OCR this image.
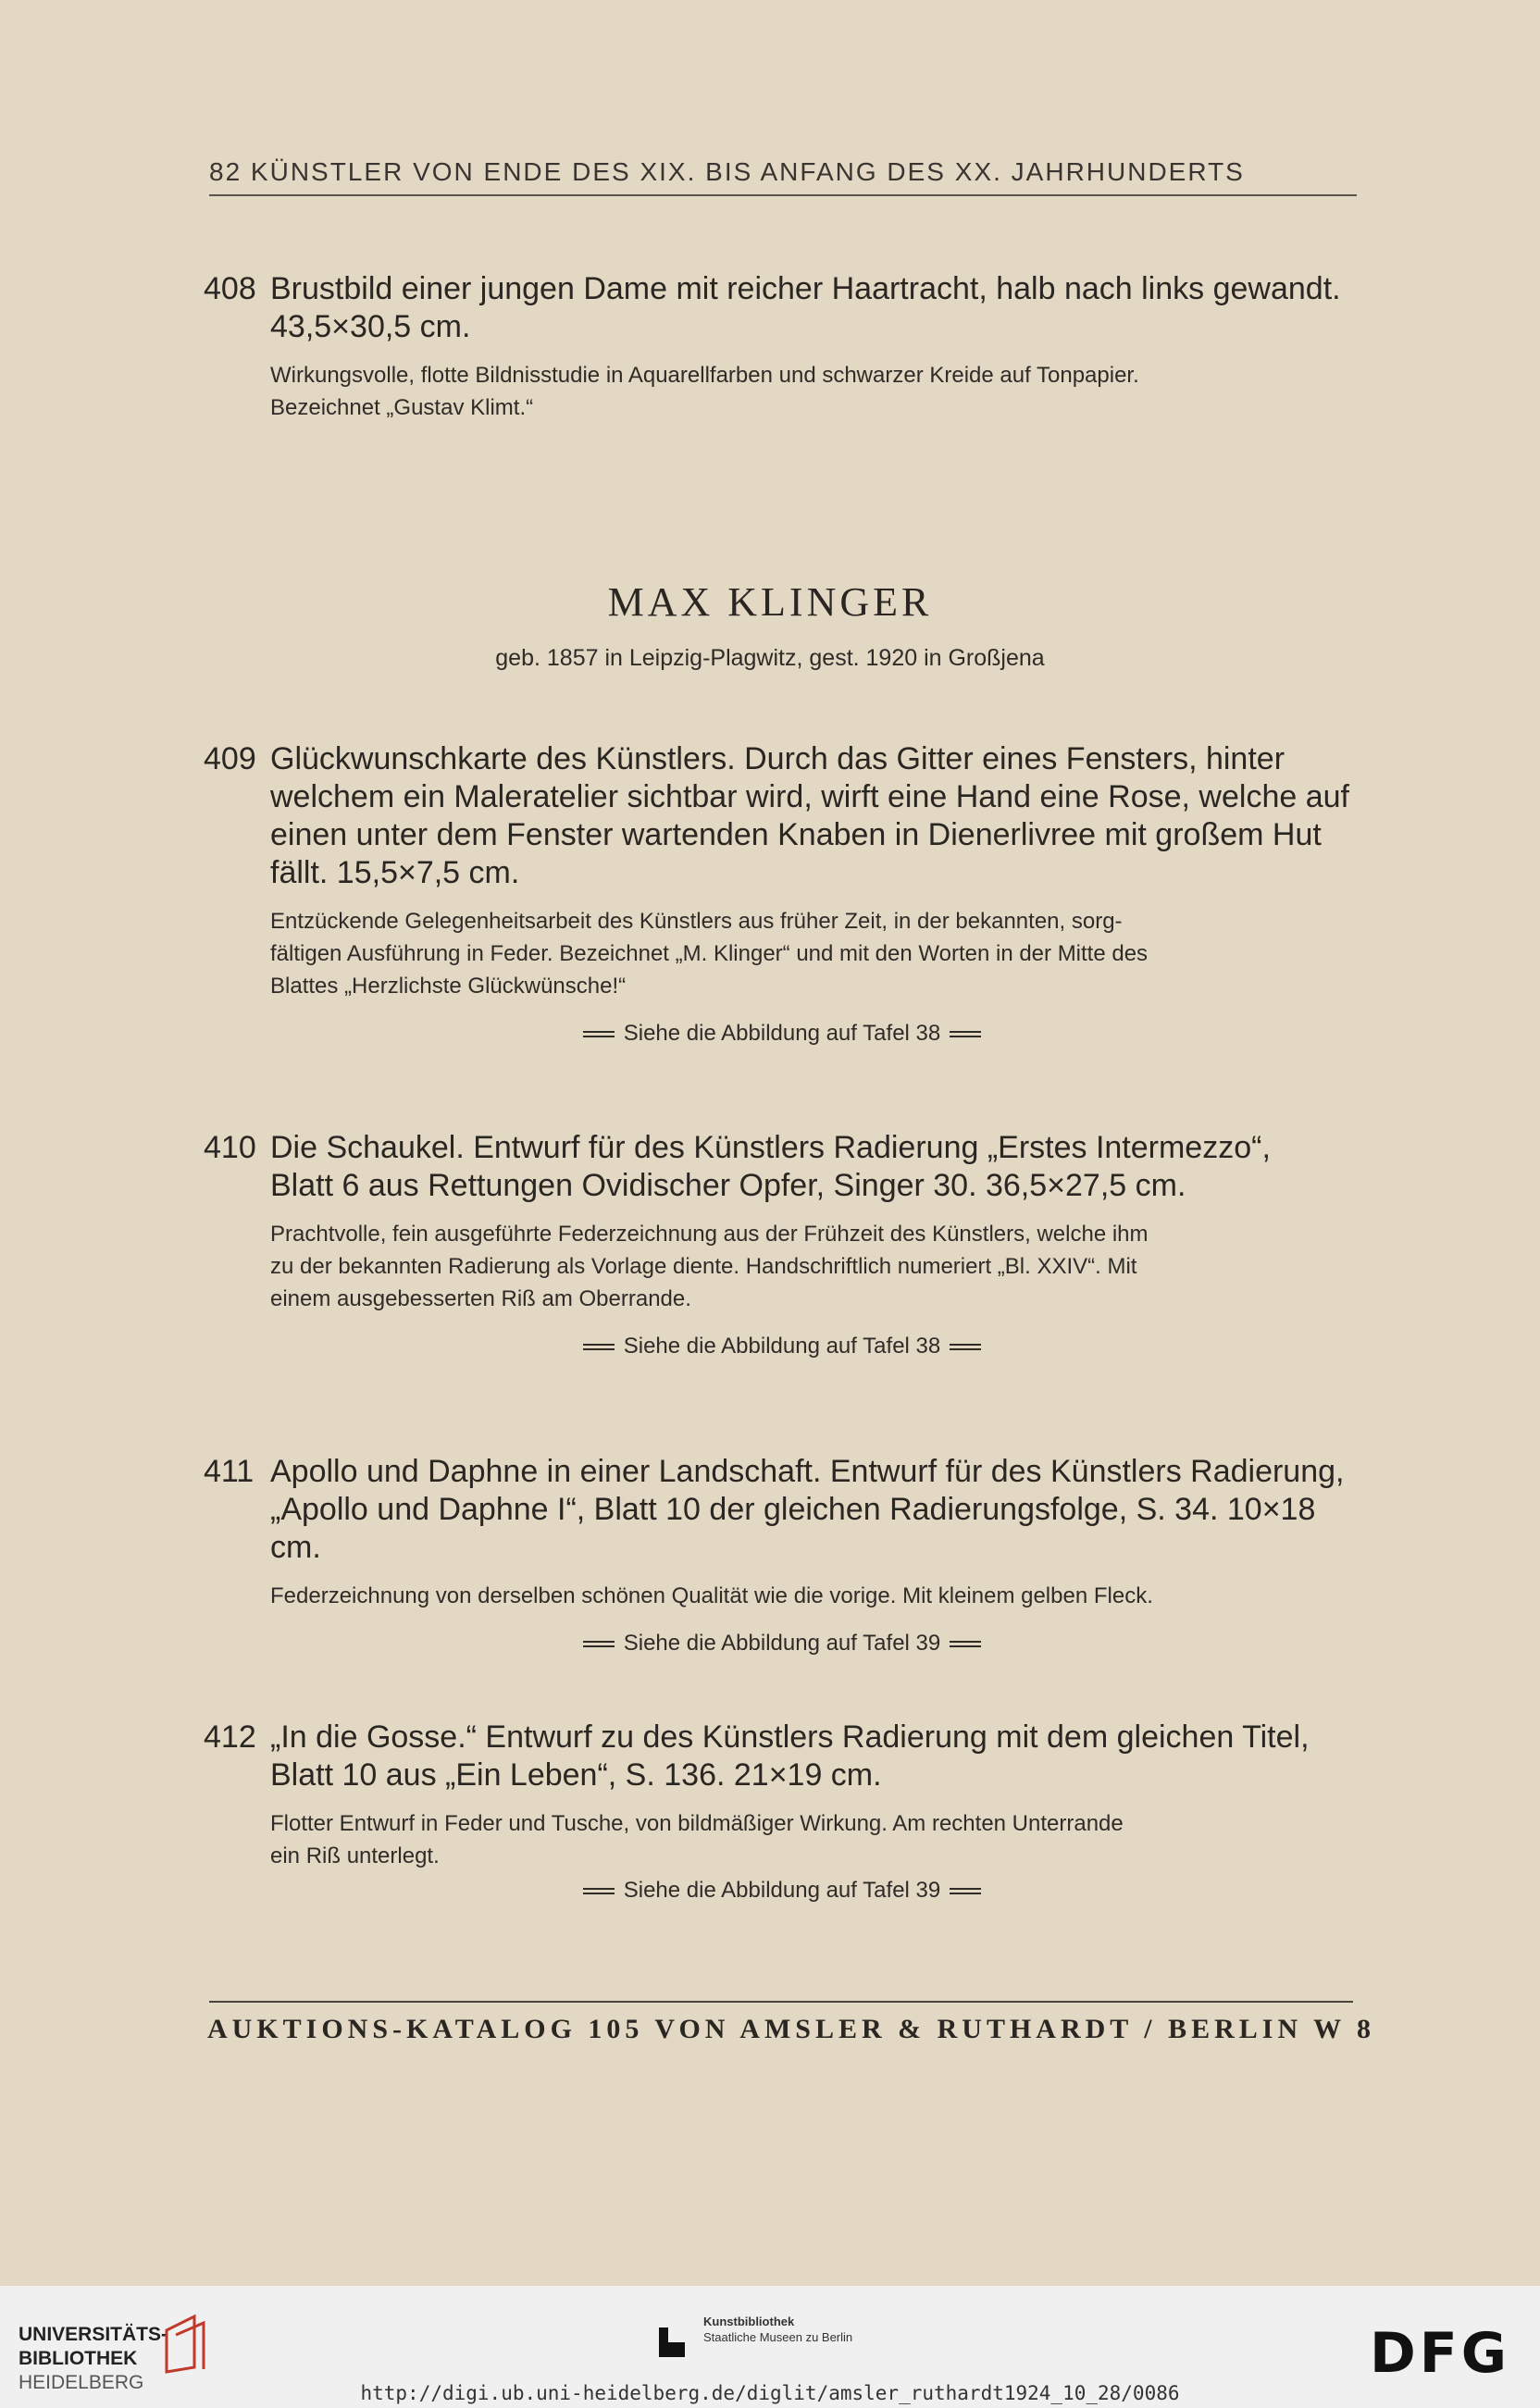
82 KÜNSTLER VON ENDE DES XIX. BIS ANFANG DES XX. JAHRHUNDERTS
408 Brustbild einer jungen Dame mit reicher Haartracht, halb nach links gewandt.
43,5×30,5 cm.
Wirkungsvolle, flotte Bildnisstudie in Aquarellfarben und schwarzer Kreide auf Tonpapier.
Bezeichnet „Gustav Klimt.“
MAX KLINGER
geb. 1857 in Leipzig-Plagwitz, gest. 1920 in Großjena
409 Glückwunschkarte des Künstlers. Durch das Gitter eines Fensters, hinter
welchem ein Maleratelier sichtbar wird, wirft eine Hand eine Rose, welche auf
einen unter dem Fenster wartenden Knaben in Dienerlivree mit großem Hut
fällt. 15,5×7,5 cm.
Entzückende Gelegenheitsarbeit des Künstlers aus früher Zeit, in der bekannten, sorg-
fältigen Ausführung in Feder. Bezeichnet „M. Klinger“ und mit den Worten in der Mitte des
Blattes „Herzlichste Glückwünsche!“
Siehe die Abbildung auf Tafel 38
410 Die Schaukel. Entwurf für des Künstlers Radierung „Erstes Intermezzo“,
Blatt 6 aus Rettungen Ovidischer Opfer, Singer 30. 36,5×27,5 cm.
Prachtvolle, fein ausgeführte Federzeichnung aus der Frühzeit des Künstlers, welche ihm
zu der bekannten Radierung als Vorlage diente. Handschriftlich numeriert „Bl. XXIV“. Mit
einem ausgebesserten Riß am Oberrande.
Siehe die Abbildung auf Tafel 38
411 Apollo und Daphne in einer Landschaft. Entwurf für des Künstlers Radierung,
„Apollo und Daphne I“, Blatt 10 der gleichen Radierungsfolge, S. 34. 10×18 cm.
Federzeichnung von derselben schönen Qualität wie die vorige. Mit kleinem gelben Fleck.
Siehe die Abbildung auf Tafel 39
412 „In die Gosse.“ Entwurf zu des Künstlers Radierung mit dem gleichen Titel,
Blatt 10 aus „Ein Leben“, S. 136. 21×19 cm.
Flotter Entwurf in Feder und Tusche, von bildmäßiger Wirkung. Am rechten Unterrande
ein Riß unterlegt.
Siehe die Abbildung auf Tafel 39
AUKTIONS-KATALOG 105 VON AMSLER & RUTHARDT / BERLIN W 8
UNIVERSITÄTS-
BIBLIOTHEK
HEIDELBERG
Kunstbibliothek
Staatliche Museen zu Berlin	DFG
http://digi.ub.uni-heidelberg.de/diglit/amsler_ruthardt1924_10_28/0086
